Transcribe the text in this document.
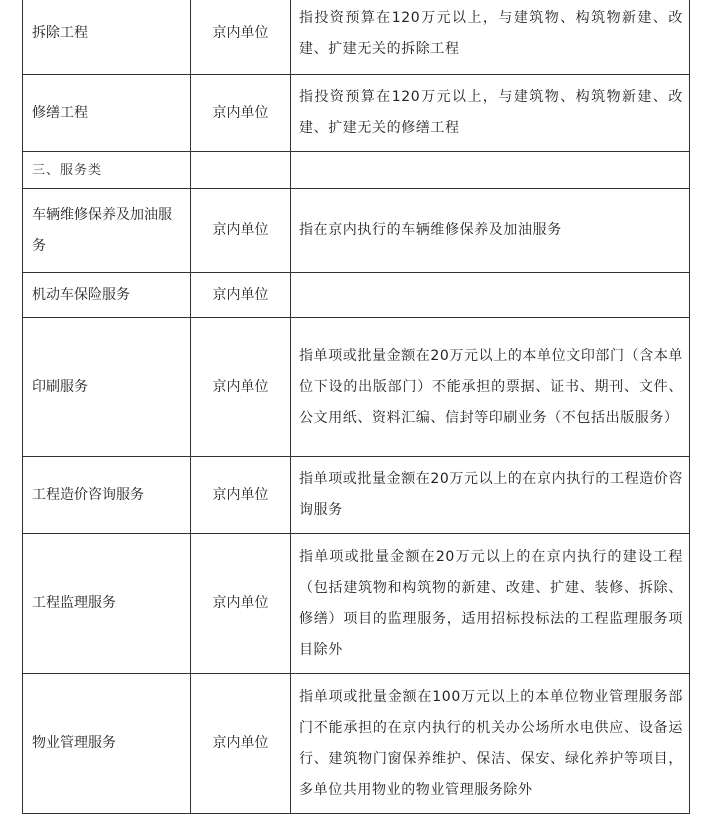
拆除工程	京内单位	指投资预算在120万元以上，与建筑物、构筑物新建、改建、扩建无关的拆除工程
修缮工程	京内单位	指投资预算在120万元以上，与建筑物、构筑物新建、改建、扩建无关的修缮工程
三、服务类		
车辆维修保养及加油服务	京内单位	指在京内执行的车辆维修保养及加油服务
机动车保险服务	京内单位	
印刷服务	京内单位	指单项或批量金额在20万元以上的本单位文印部门（含本单位下设的出版部门）不能承担的票据、证书、期刊、文件、公文用纸、资料汇编、信封等印刷业务（不包括出版服务）
工程造价咨询服务	京内单位	指单项或批量金额在20万元以上的在京内执行的工程造价咨询服务
工程监理服务	京内单位	指单项或批量金额在20万元以上的在京内执行的建设工程（包括建筑物和构筑物的新建、改建、扩建、装修、拆除、修缮）项目的监理服务，适用招标投标法的工程监理服务项目除外
物业管理服务	京内单位	指单项或批量金额在100万元以上的本单位物业管理服务部门不能承担的在京内执行的机关办公场所水电供应、设备运行、建筑物门窗保养维护、保洁、保安、绿化养护等项目，多单位共用物业的物业管理服务除外
